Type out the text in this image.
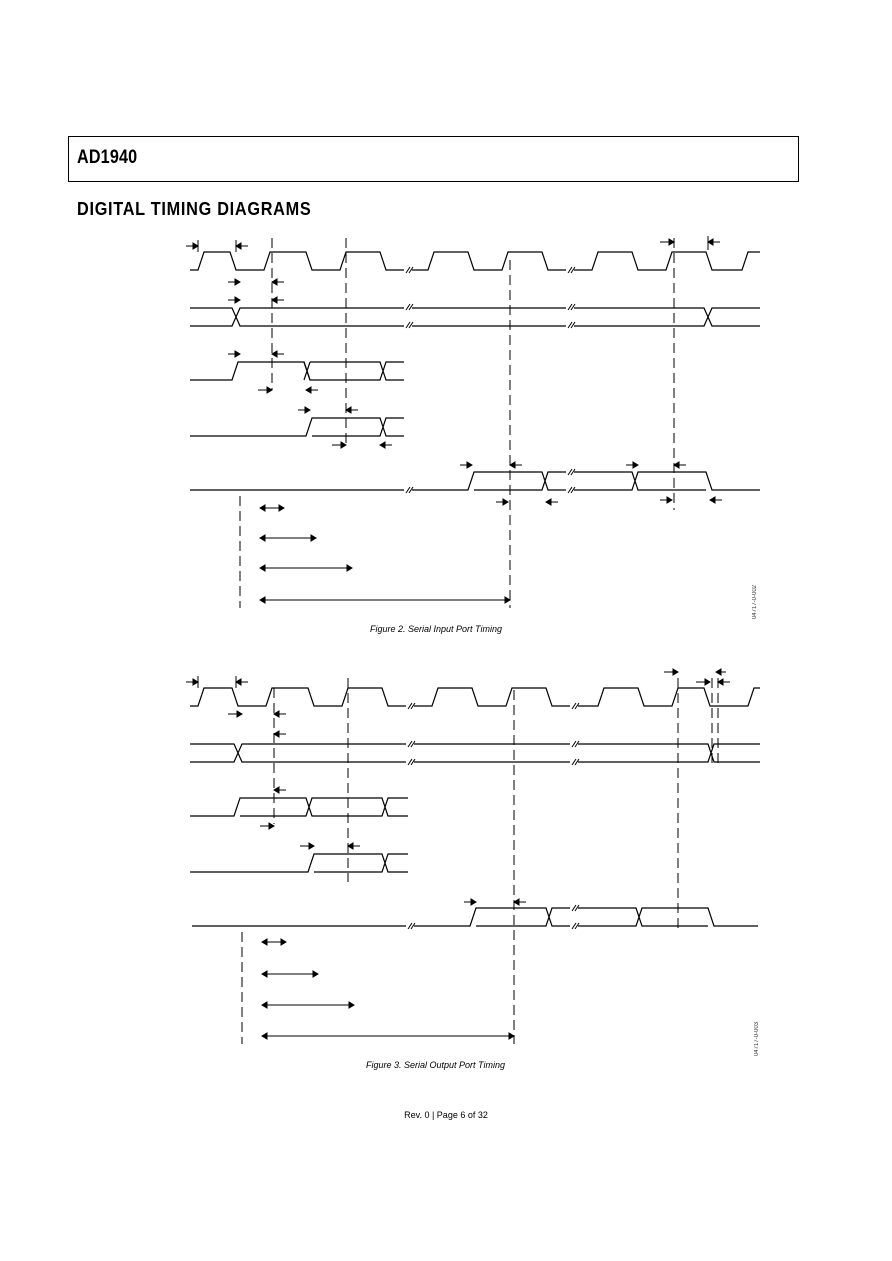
AD1940
DIGITAL TIMING DIAGRAMS
Figure 2. Serial Input Port Timing
04717-0-002
Figure 3. Serial Output Port Timing
04717-0-003
Rev. 0 | Page 6 of 32
